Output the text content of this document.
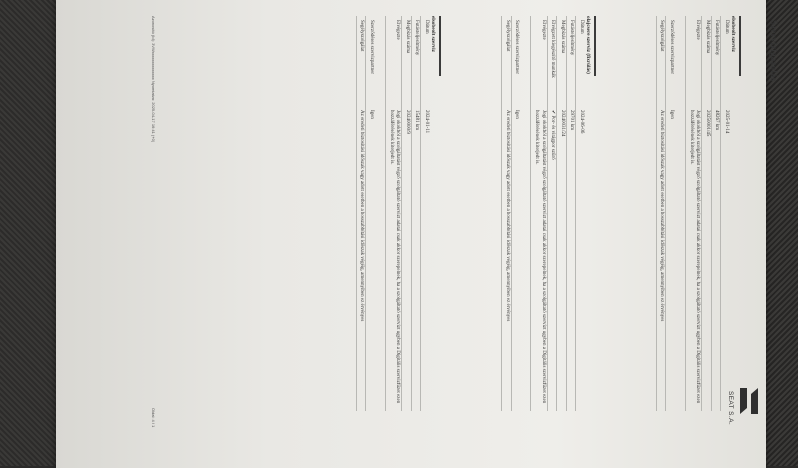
Szervizigazolás
SEAT S.A.
elsobeolt szerviz
Dátum
2025-01-14
Futásteljesítmény
48267 km
Megbízás száma
20250001/45
Elvégezte
Jogi okokból a szolgáltatást végző szolgáltató szervizt adatai csak akkor szerepelnek, ha a szolgáltató szervizt ugyben a Digitális szervizfüzet ezen hozzáférésének kiterjedt is.
Szerződéses szervizpartner
Igen
Segélyszolgálat
Az eredeti biztosítási időszak vagy adott esetben a hosszabbítási időszak végéig, amennyiben ez érvényes
olajcsere szerviz (fixrúlás)
Dátum
2024-06-06
Futásteljesítmény
29701 km
Megbízás száma
20240031/24
Elvégzett kiegészítő munkák
✔ Por- és virágpor szűrő
Elvégezte
Jogi okokból a szolgáltatást végző szolgáltató szervizt adatai csak akkor szerepelnek, ha a szolgáltató szervizt ugyben a Digitális szervizfüzet ezen hozzáférésének kiterjedt is.
Szerződéses szervizpartner
Igen
Segélyszolgálat
Az eredeti biztosítási időszak vagy adott esetben a hosszabbítási időszak végéig, amennyiben ez érvényes
elsobeolt szerviz
Dátum
2024-01-11
Futásteljesítmény
15481 km
Megbízás száma
20240000/9
Elvégezte
Jogi okokból a szolgáltatást végző szolgáltató szervizt adatai csak akkor szerepelnek, ha a szolgáltató szervizt ugyben a Digitális szervizfüzet ezen hozzáférésének kiterjedt is.
Szerződéses szervizpartner
Igen
Segélyszolgálat
Az eredeti biztosítási időszak vagy adott esetben a hosszabbítási időszak végéig, amennyiben ez érvényes
Azonosító (Id): 3VWxxxxxxxxxxxxxx Nyomtatva: 2025-04-17 16:41 (+0)
Oldal: 4 / 1
